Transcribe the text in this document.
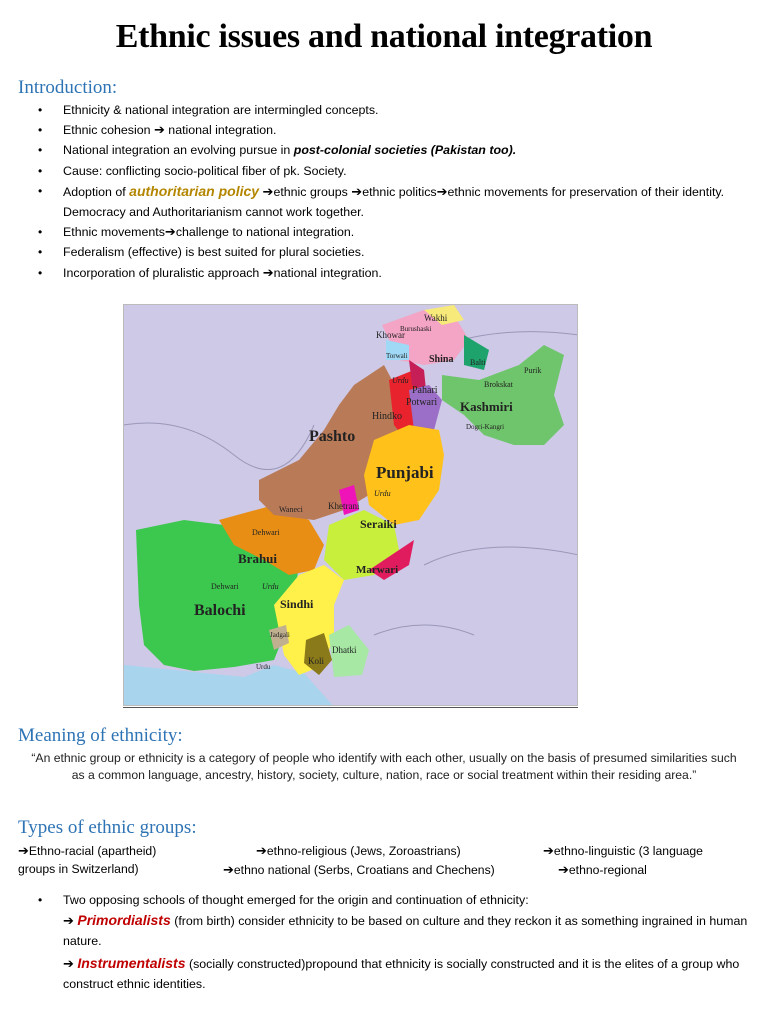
Ethnic issues and national integration
Introduction:
• Ethnicity & national integration are intermingled concepts.
• Ethnic cohesion ➔ national integration.
• National integration an evolving pursue in post-colonial societies (Pakistan too).
• Cause: conflicting socio-political fiber of pk. Society.
• Adoption of authoritarian policy ➔ethnic groups ➔ethnic politics➔ethnic movements for preservation of their identity. Democracy and Authoritarianism cannot work together.
• Ethnic movements➔challenge to national integration.
• Federalism (effective) is best suited for plural societies.
• Incorporation of pluralistic approach ➔national integration.
Wakhi
Burushaski
Khowar
Torwali Shina Balti
Purik
Brokskat
Urdu
Pahari
Potwari Kashmiri
Hindko
Dogri-Kangri
Pashto
Punjabi
Urdu
Waneci	Khetrani
Seraiki
Dehwari
Brahui
Marwari
Dehwari	Urdu
Balochi	Sindhi
Jadgali
Dhatki
Koli
Urdu
Meaning of ethnicity:
“An ethnic group or ethnicity is a category of people who identify with each other, usually on the basis of presumed similarities such as a common language, ancestry, history, society, culture, nation, race or social treatment within their residing area.”
Types of ethnic groups:
➔Ethno-racial (apartheid)	➔ethno-religious (Jews, Zoroastrians)	➔ethno-linguistic (3 language
groups in Switzerland)	➔ethno national (Serbs, Croatians and Chechens)	➔ethno-regional
• Two opposing schools of thought emerged for the origin and continuation of ethnicity:
➔ Primordialists (from birth) consider ethnicity to be based on culture and they reckon it as something ingrained in human nature.
➔ Instrumentalists (socially constructed)propound that ethnicity is socially constructed and it is the elites of a group who construct ethnic identities.
